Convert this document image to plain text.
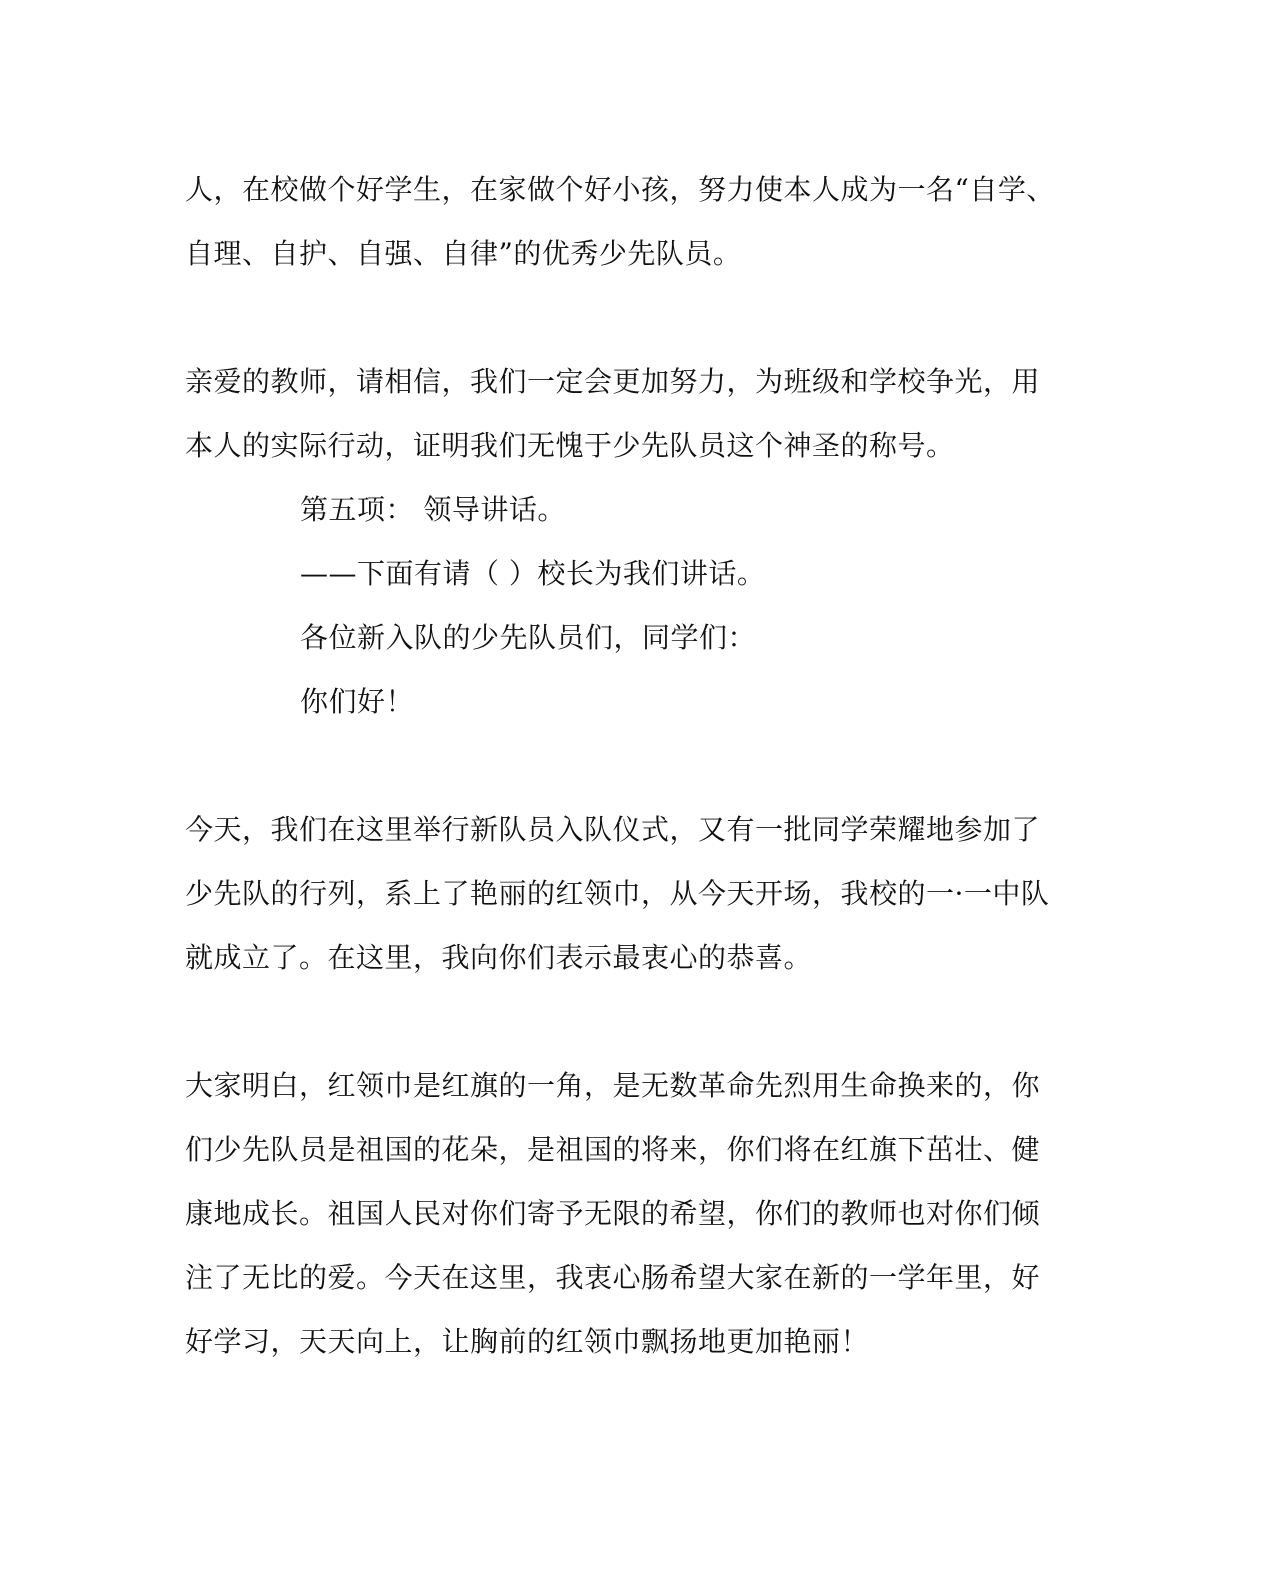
人，在校做个好学生，在家做个好小孩，努力使本人成为一名“自学、
自理、自护、自强、自律”的优秀少先队员。
亲爱的教师，请相信，我们一定会更加努力，为班级和学校争光，用
本人的实际行动，证明我们无愧于少先队员这个神圣的称号。
第五项： 领导讲话。
——下面有请（ ）校长为我们讲话。
各位新入队的少先队员们，同学们：
你们好！
今天，我们在这里举行新队员入队仪式，又有一批同学荣耀地参加了
少先队的行列，系上了艳丽的红领巾，从今天开场，我校的一·一中队
就成立了。在这里，我向你们表示最衷心的恭喜。
大家明白，红领巾是红旗的一角，是无数革命先烈用生命换来的，你
们少先队员是祖国的花朵，是祖国的将来，你们将在红旗下茁壮、健
康地成长。祖国人民对你们寄予无限的希望，你们的教师也对你们倾
注了无比的爱。今天在这里，我衷心肠希望大家在新的一学年里，好
好学习，天天向上，让胸前的红领巾飘扬地更加艳丽！
